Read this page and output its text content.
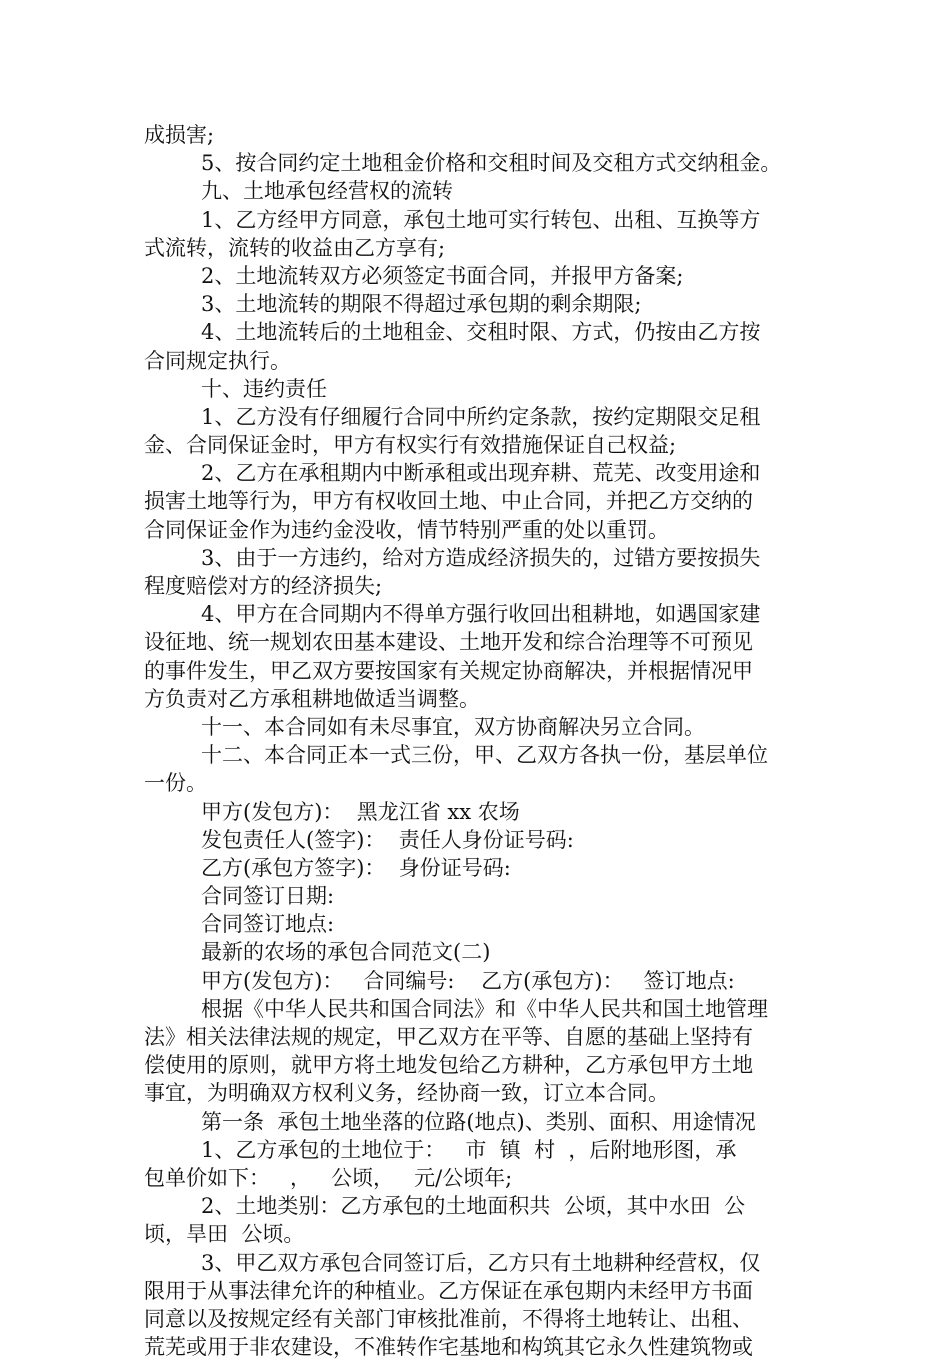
成损害;
5、按合同约定土地租金价格和交租时间及交租方式交纳租金。
九、土地承包经营权的流转
1、乙方经甲方同意，承包土地可实行转包、出租、互换等方
式流转，流转的收益由乙方享有;
2、土地流转双方必须签定书面合同，并报甲方备案;
3、土地流转的期限不得超过承包期的剩余期限;
4、土地流转后的土地租金、交租时限、方式，仍按由乙方按
合同规定执行。
十、违约责任
1、乙方没有仔细履行合同中所约定条款，按约定期限交足租
金、合同保证金时，甲方有权实行有效措施保证自己权益;
2、乙方在承租期内中断承租或出现弃耕、荒芜、改变用途和
损害土地等行为，甲方有权收回土地、中止合同，并把乙方交纳的
合同保证金作为违约金没收，情节特别严重的处以重罚。
3、由于一方违约，给对方造成经济损失的，过错方要按损失
程度赔偿对方的经济损失;
4、甲方在合同期内不得单方强行收回出租耕地，如遇国家建
设征地、统一规划农田基本建设、土地开发和综合治理等不可预见
的事件发生，甲乙双方要按国家有关规定协商解决，并根据情况甲
方负责对乙方承租耕地做适当调整。
十一、本合同如有未尽事宜，双方协商解决另立合同。
十二、本合同正本一式三份，甲、乙双方各执一份，基层单位
一份。
甲方(发包方)：  黑龙江省 xx 农场
发包责任人(签字)：  责任人身份证号码:
乙方(承包方签字)：  身份证号码:
合同签订日期:
合同签订地点:
最新的农场的承包合同范文(二)
甲方(发包方)：   合同编号:    乙方(承包方)：   签订地点:
根据《中华人民共和国合同法》和《中华人民共和国土地管理
法》相关法律法规的规定，甲乙双方在平等、自愿的基础上坚持有
偿使用的原则，就甲方将土地发包给乙方耕种，乙方承包甲方土地
事宜，为明确双方权利义务，经协商一致，订立本合同。
第一条  承包土地坐落的位路(地点)、类别、面积、用途情况
1、乙方承包的土地位于：   市  镇  村  ，后附地形图，承
包单价如下：   ，   公顷，   元/公顷年;
2、土地类别：乙方承包的土地面积共  公顷，其中水田  公
顷，旱田  公顷。
3、甲乙双方承包合同签订后，乙方只有土地耕种经营权，仅
限用于从事法律允许的种植业。乙方保证在承包期内未经甲方书面
同意以及按规定经有关部门审核批准前，不得将土地转让、出租、
荒芜或用于非农建设，不准转作宅基地和构筑其它永久性建筑物或
